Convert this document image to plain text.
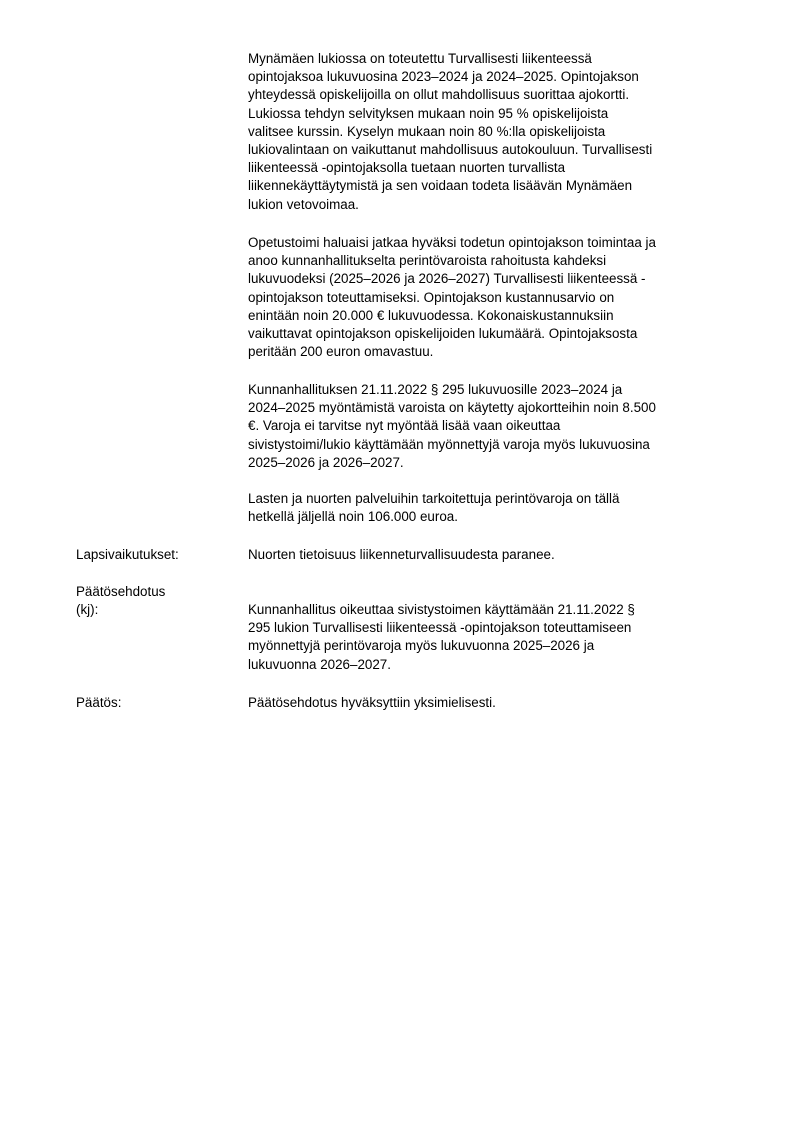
Mynämäen lukiossa on toteutettu Turvallisesti liikenteessä
opintojaksoa lukuvuosina 2023–2024 ja 2024–2025. Opintojakson
yhteydessä opiskelijoilla on ollut mahdollisuus suorittaa ajokortti.
Lukiossa tehdyn selvityksen mukaan noin 95 % opiskelijoista
valitsee kurssin. Kyselyn mukaan noin 80 %:lla opiskelijoista
lukiovalintaan on vaikuttanut mahdollisuus autokouluun. Turvallisesti
liikenteessä -opintojaksolla tuetaan nuorten turvallista
liikennekäyttäytymistä ja sen voidaan todeta lisäävän Mynämäen
lukion vetovoimaa.
Opetustoimi haluaisi jatkaa hyväksi todetun opintojakson toimintaa ja
anoo kunnanhallitukselta perintövaroista rahoitusta kahdeksi
lukuvuodeksi (2025–2026 ja 2026–2027) Turvallisesti liikenteessä -
opintojakson toteuttamiseksi. Opintojakson kustannusarvio on
enintään noin 20.000 € lukuvuodessa. Kokonaiskustannuksiin
vaikuttavat opintojakson opiskelijoiden lukumäärä. Opintojaksosta
peritään 200 euron omavastuu.
Kunnanhallituksen 21.11.2022 § 295 lukuvuosille 2023–2024 ja
2024–2025 myöntämistä varoista on käytetty ajokortteihin noin 8.500
€. Varoja ei tarvitse nyt myöntää lisää vaan oikeuttaa
sivistystoimi/lukio käyttämään myönnettyjä varoja myös lukuvuosina
2025–2026 ja 2026–2027.
Lasten ja nuorten palveluihin tarkoitettuja perintövaroja on tällä
hetkellä jäljellä noin 106.000 euroa.
Lapsivaikutukset:	Nuorten tietoisuus liikenneturvallisuudesta paranee.
Päätösehdotus
(kj):	Kunnanhallitus oikeuttaa sivistystoimen käyttämään 21.11.2022 §
295 lukion Turvallisesti liikenteessä -opintojakson toteuttamiseen
myönnettyjä perintövaroja myös lukuvuonna 2025–2026 ja
lukuvuonna 2026–2027.
Päätös:	Päätösehdotus hyväksyttiin yksimielisesti.
